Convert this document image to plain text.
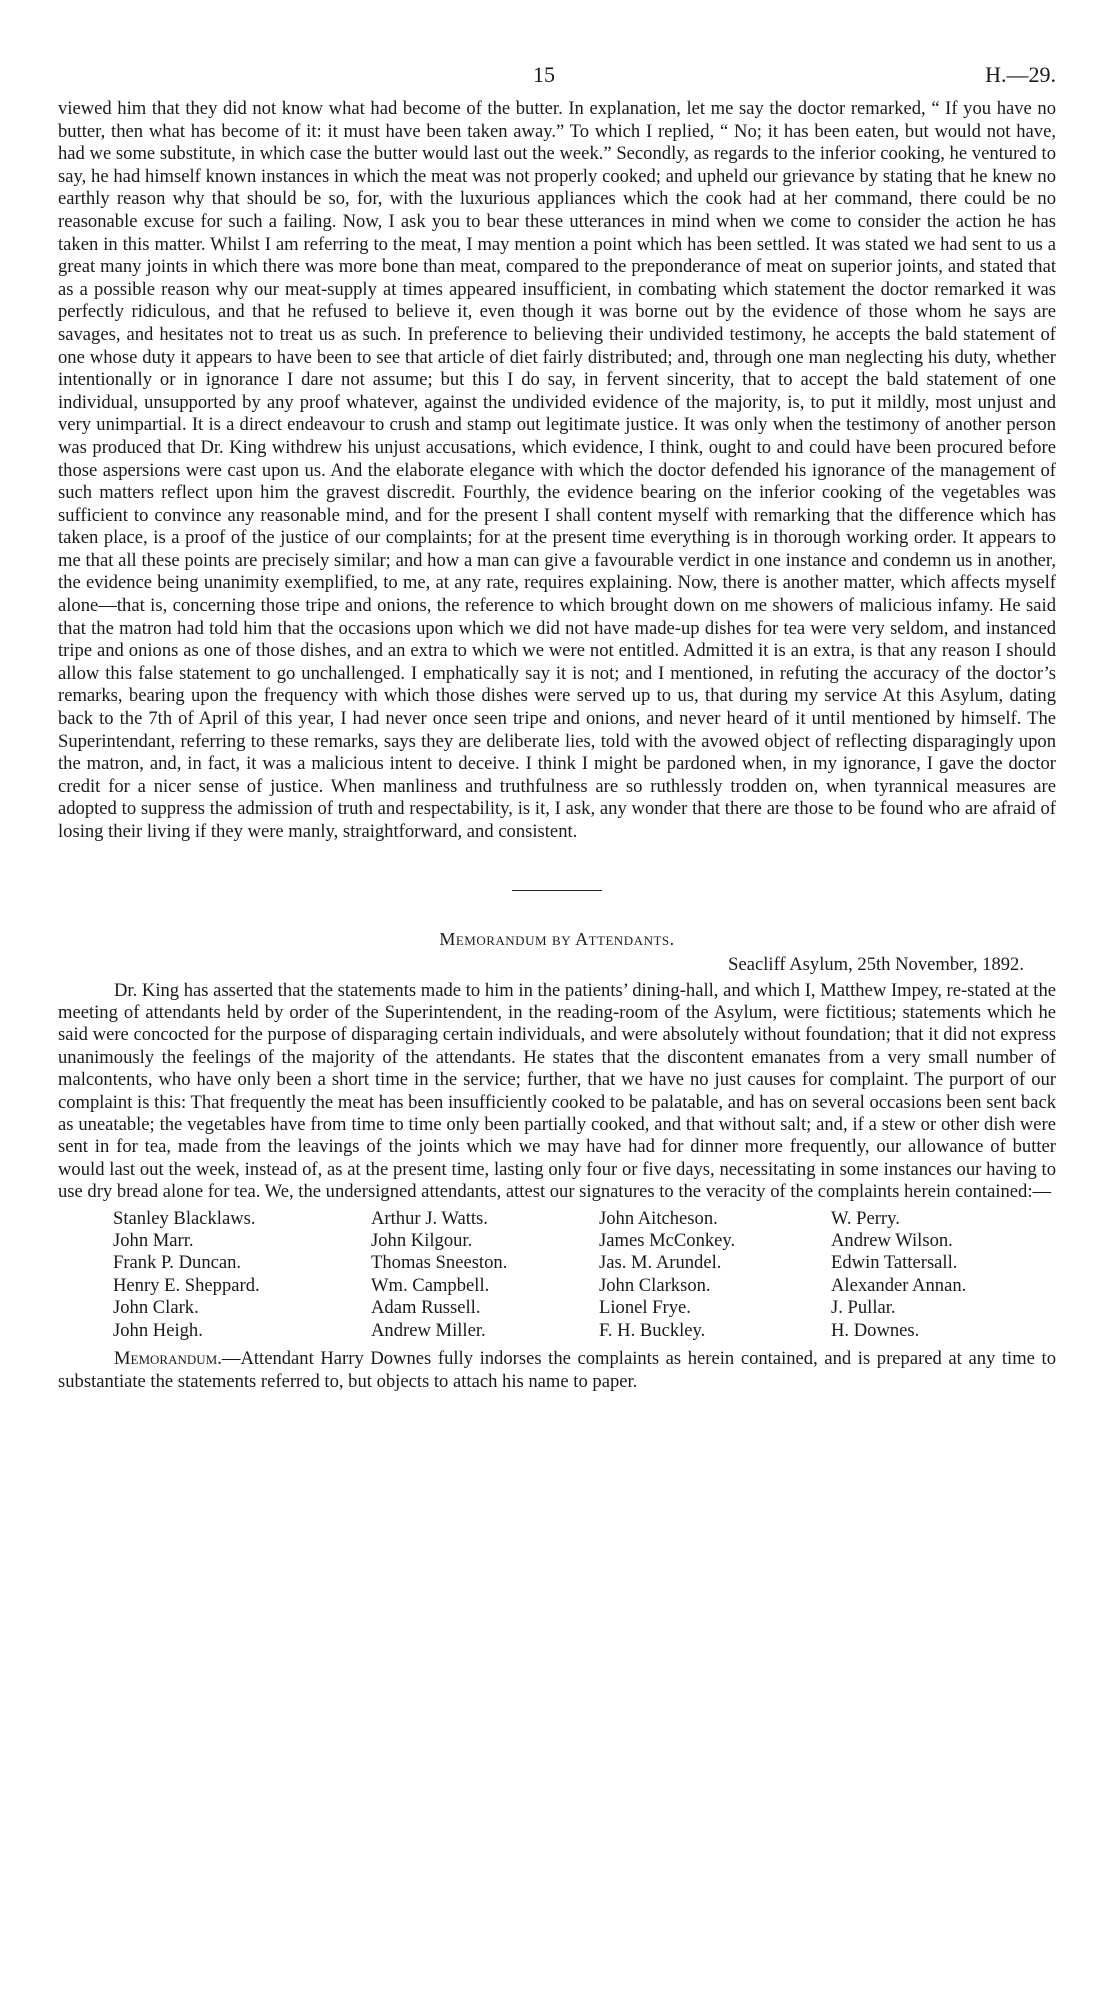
15	H.—29.

viewed him that they did not know what had become of the butter. In explanation, let me say the doctor remarked, “ If you have no butter, then what has become of it: it must have been taken away.” To which I replied, “ No; it has been eaten, but would not have, had we some substitute, in which case the butter would last out the week.” Secondly, as regards to the inferior cooking, he ventured to say, he had himself known instances in which the meat was not properly cooked; and upheld our grievance by stating that he knew no earthly reason why that should be so, for, with the luxurious appliances which the cook had at her command, there could be no reasonable excuse for such a failing. Now, I ask you to bear these utterances in mind when we come to consider the action he has taken in this matter. Whilst I am referring to the meat, I may mention a point which has been settled. It was stated we had sent to us a great many joints in which there was more bone than meat, compared to the preponderance of meat on superior joints, and stated that as a possible reason why our meat-supply at times appeared insufficient, in combating which statement the doctor remarked it was perfectly ridiculous, and that he refused to believe it, even though it was borne out by the evidence of those whom he says are savages, and hesitates not to treat us as such. In preference to believing their undivided testimony, he accepts the bald statement of one whose duty it appears to have been to see that article of diet fairly distributed; and, through one man neglecting his duty, whether intentionally or in ignorance I dare not assume; but this I do say, in fervent sincerity, that to accept the bald statement of one individual, unsupported by any proof whatever, against the undivided evidence of the majority, is, to put it mildly, most unjust and very unimpartial. It is a direct endeavour to crush and stamp out legitimate justice. It was only when the testimony of another person was produced that Dr. King withdrew his unjust accusations, which evidence, I think, ought to and could have been procured before those aspersions were cast upon us. And the elaborate elegance with which the doctor defended his ignorance of the management of such matters reflect upon him the gravest discredit. Fourthly, the evidence bearing on the inferior cooking of the vegetables was sufficient to convince any reasonable mind, and for the present I shall content myself with remarking that the difference which has taken place, is a proof of the justice of our complaints; for at the present time everything is in thorough working order. It appears to me that all these points are precisely similar; and how a man can give a favourable verdict in one instance and condemn us in another, the evidence being unanimity exemplified, to me, at any rate, requires explaining. Now, there is another matter, which affects myself alone—that is, concerning those tripe and onions, the reference to which brought down on me showers of malicious infamy. He said that the matron had told him that the occasions upon which we did not have made-up dishes for tea were very seldom, and instanced tripe and onions as one of those dishes, and an extra to which we were not entitled. Admitted it is an extra, is that any reason I should allow this false statement to go unchallenged. I emphatically say it is not; and I mentioned, in refuting the accuracy of the doctor’s remarks, bearing upon the frequency with which those dishes were served up to us, that during my service At this Asylum, dating back to the 7th of April of this year, I had never once seen tripe and onions, and never heard of it until mentioned by himself. The Superintendant, referring to these remarks, says they are deliberate lies, told with the avowed object of reflecting disparagingly upon the matron, and, in fact, it was a malicious intent to deceive. I think I might be pardoned when, in my ignorance, I gave the doctor credit for a nicer sense of justice. When manliness and truthfulness are so ruthlessly trodden on, when tyrannical measures are adopted to suppress the admission of truth and respectability, is it, I ask, any wonder that there are those to be found who are afraid of losing their living if they were manly, straightforward, and consistent.

Memorandum by Attendants.
Seacliff Asylum, 25th November, 1892.

Dr. King has asserted that the statements made to him in the patients’ dining-hall, and which I, Matthew Impey, re-stated at the meeting of attendants held by order of the Superintendent, in the reading-room of the Asylum, were fictitious; statements which he said were concocted for the purpose of disparaging certain individuals, and were absolutely without foundation; that it did not express unanimously the feelings of the majority of the attendants. He states that the discontent emanates from a very small number of malcontents, who have only been a short time in the service; further, that we have no just causes for complaint. The purport of our complaint is this: That frequently the meat has been insufficiently cooked to be palatable, and has on several occasions been sent back as uneatable; the vegetables have from time to time only been partially cooked, and that without salt; and, if a stew or other dish were sent in for tea, made from the leavings of the joints which we may have had for dinner more frequently, our allowance of butter would last out the week, instead of, as at the present time, lasting only four or five days, necessitating in some instances our having to use dry bread alone for tea. We, the undersigned attendants, attest our signatures to the veracity of the complaints herein contained:—

Stanley Blacklaws.
John Marr.
Frank P. Duncan.
Henry E. Sheppard.
John Clark.
John Heigh.
Arthur J. Watts.
John Kilgour.
Thomas Sneeston.
Wm. Campbell.
Adam Russell.
Andrew Miller.
John Aitcheson.
James McConkey.
Jas. M. Arundel.
John Clarkson.
Lionel Frye.
F. H. Buckley.
W. Perry.
Andrew Wilson.
Edwin Tattersall.
Alexander Annan.
J. Pullar.
H. Downes.

Memorandum.—Attendant Harry Downes fully indorses the complaints as herein contained, and is prepared at any time to substantiate the statements referred to, but objects to attach his name to paper.
